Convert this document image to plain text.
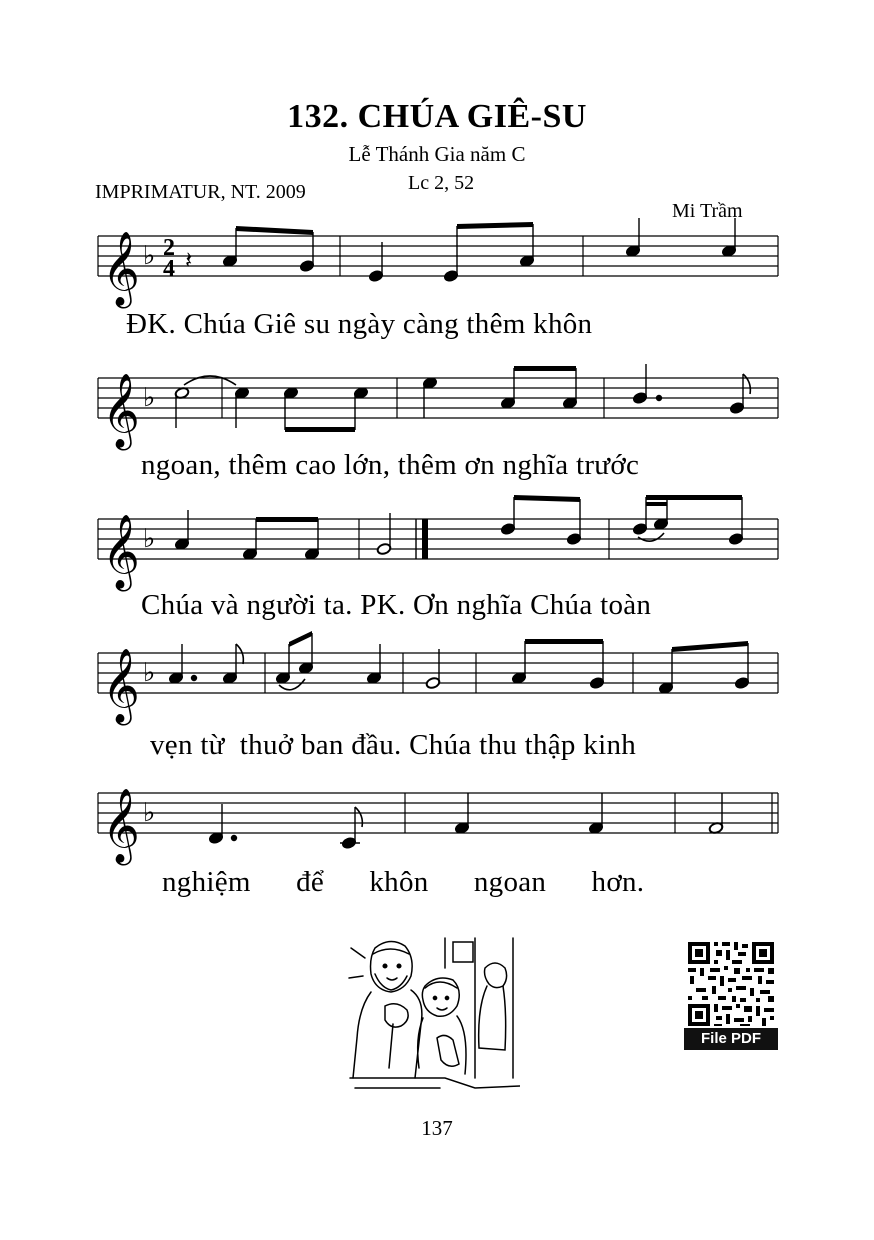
132. CHÚA GIÊ-SU
Lễ Thánh Gia năm C
IMPRIMATUR, NT. 2009	Lc 2, 52
Mi Trầm
𝄞 ♭ 2
4 𝄽
ĐK. Chúa Giê su ngày càng thêm khôn
𝄞 ♭
ngoan, thêm cao lớn, thêm ơn nghĩa trước
𝄞 ♭
Chúa và người ta. PK. Ơn nghĩa Chúa toàn
𝄞 ♭
vẹn từ  thuở ban đầu. Chúa thu thập kinh
𝄞 ♭
nghiệm      để      khôn      ngoan      hơn.
File PDF
137
